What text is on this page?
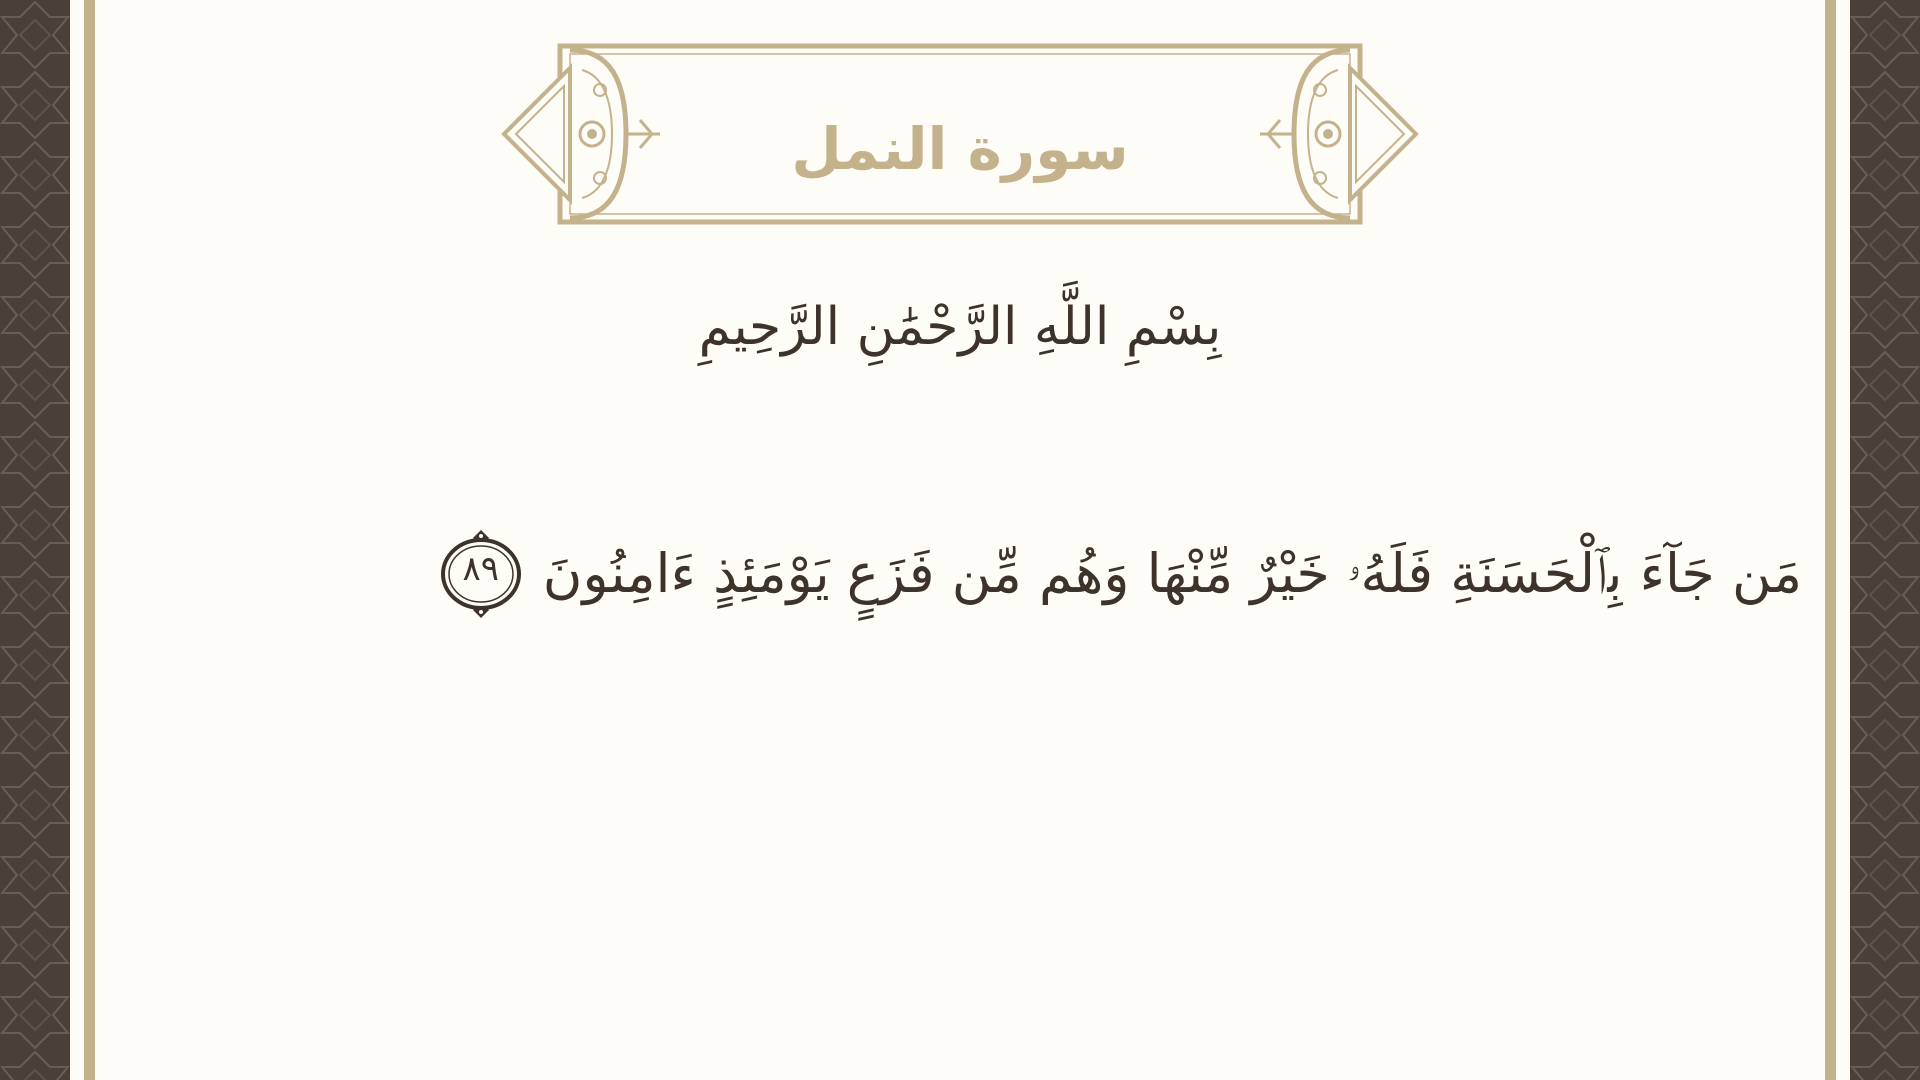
سورة النمل
بِسْمِ اللَّهِ الرَّحْمَٰنِ الرَّحِيمِ
مَن جَآءَ بِٱلْحَسَنَةِ فَلَهُۥ خَيْرٌ مِّنْهَا وَهُم مِّن فَزَعٍ يَوْمَئِذٍ ءَامِنُونَ
٨٩
